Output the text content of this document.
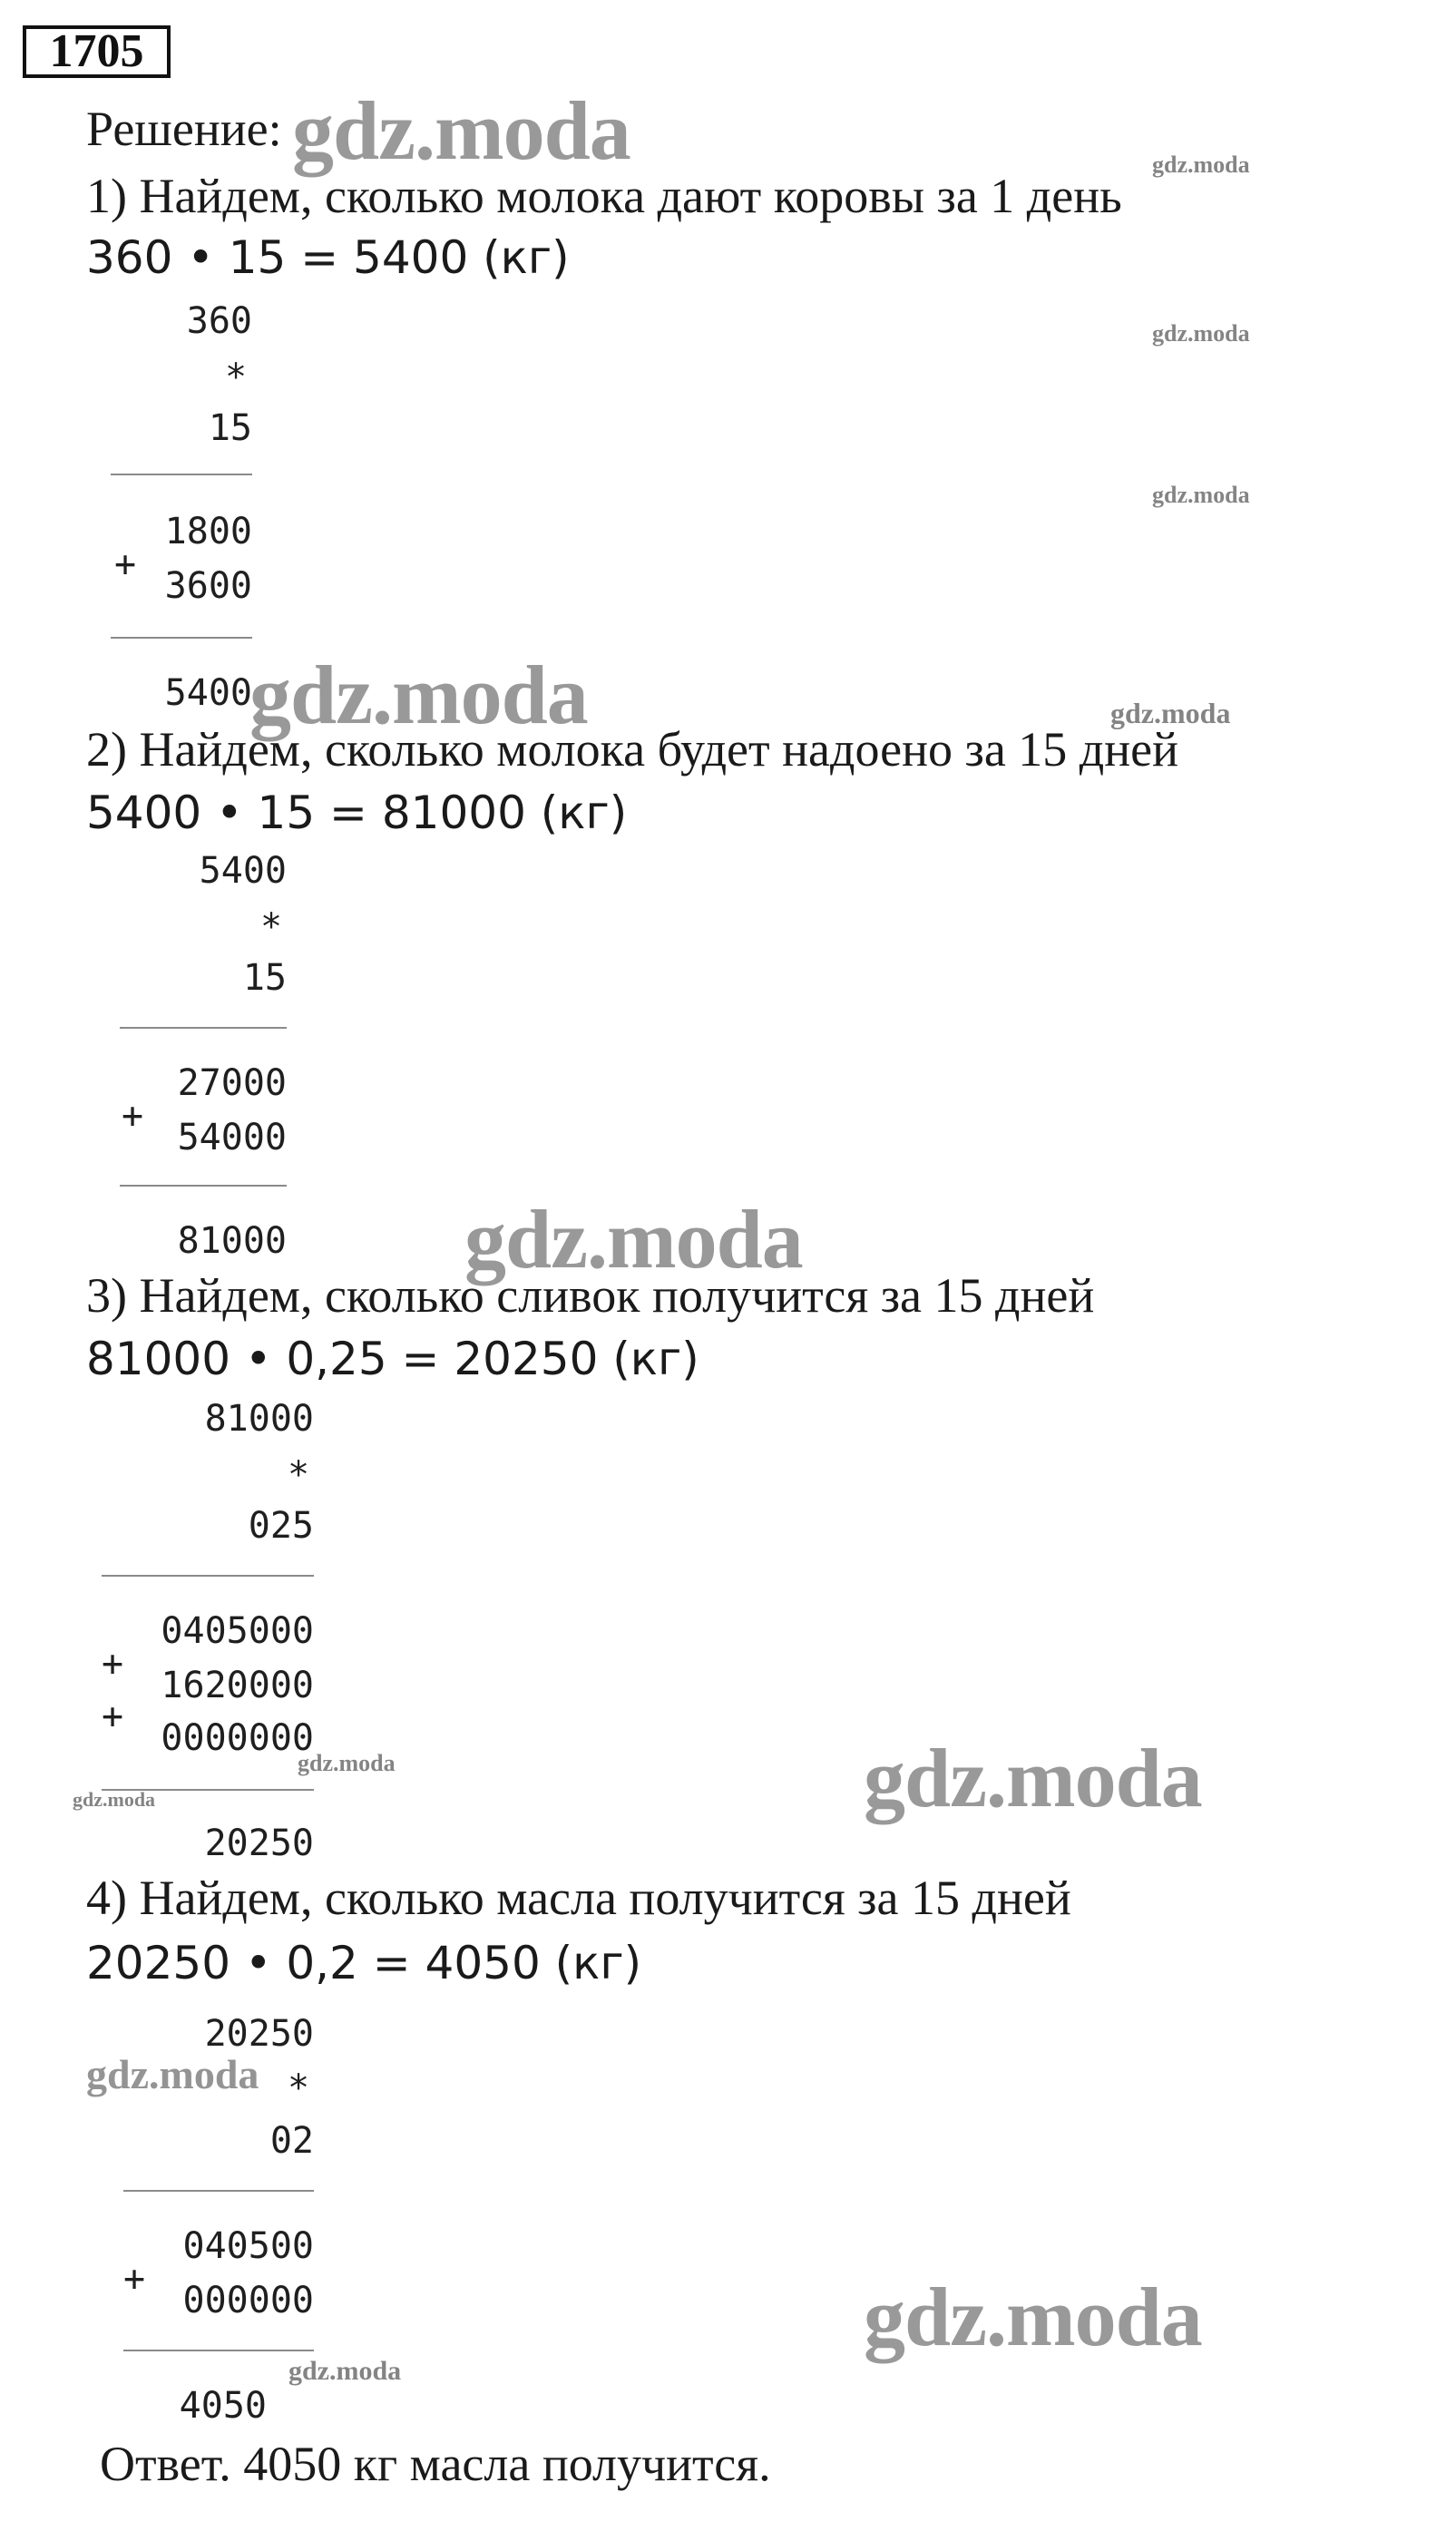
1705
Решение:
1) Найдем, сколько молока дают коровы за 1 день
360 • 15 = 5400 (кг)
360
*
15
1800
+
3600
5400
2) Найдем, сколько молока будет надоено за 15 дней
5400 • 15 = 81000 (кг)
5400
*
15
27000
+
54000
81000
3) Найдем, сколько сливок получится за 15 дней
81000 • 0,25 = 20250 (кг)
81000
*
025
0405000
+
1620000
+
0000000
20250
4) Найдем, сколько масла получится за 15 дней
20250 • 0,2 = 4050 (кг)
20250
*
02
040500
+
000000
4050
Ответ. 4050 кг масла получится.
gdz.moda	gdz.moda
gdz.moda
gdz.moda
gdz.moda	gdz.moda
gdz.moda
gdz.moda
gdz.moda
gdz.moda
gdz.moda
gdz.moda
gdz.moda
